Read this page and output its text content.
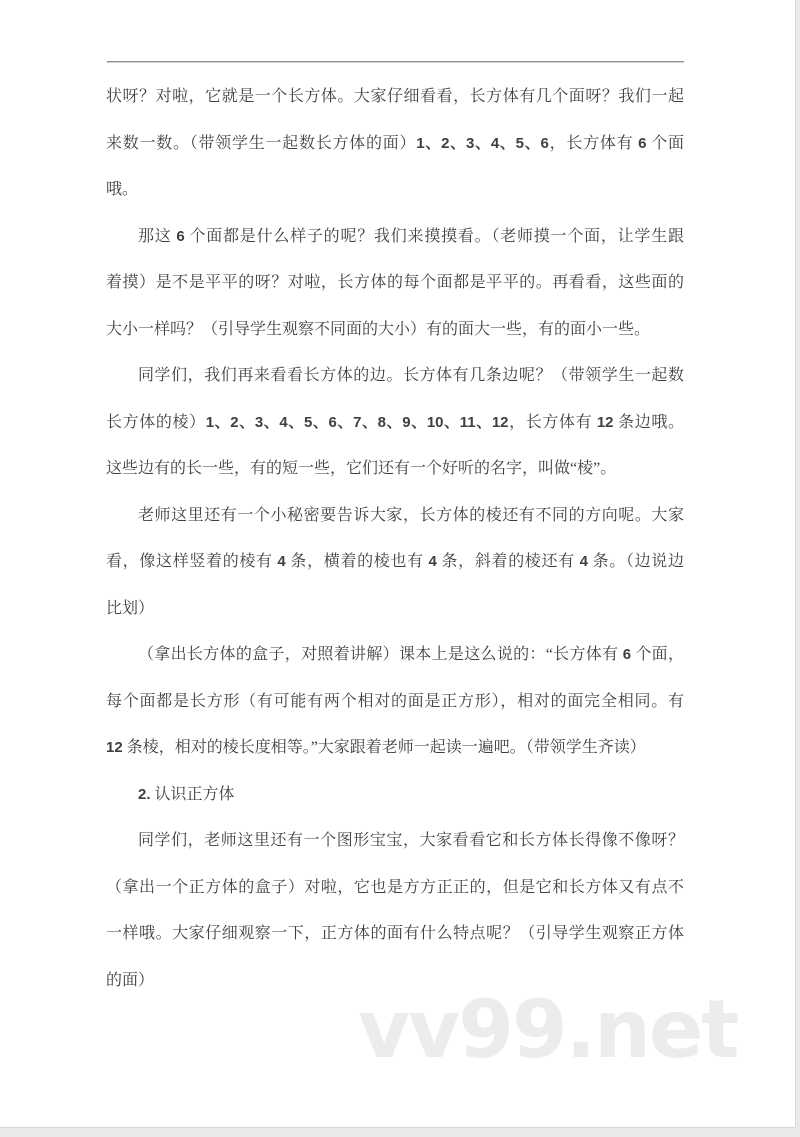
状呀？对啦，它就是一个长方体。大家仔细看看，长方体有几个面呀？我们一起
来数一数。（带领学生一起数长方体的面）1、2、3、4、5、6，长方体有 6 个面
哦。
那这 6 个面都是什么样子的呢？我们来摸摸看。（老师摸一个面，让学生跟
着摸）是不是平平的呀？对啦，长方体的每个面都是平平的。再看看，这些面的
大小一样吗？（引导学生观察不同面的大小）有的面大一些，有的面小一些。
同学们，我们再来看看长方体的边。长方体有几条边呢？（带领学生一起数
长方体的棱）1、2、3、4、5、6、7、8、9、10、11、12，长方体有 12 条边哦。
这些边有的长一些，有的短一些，它们还有一个好听的名字，叫做“棱”。
老师这里还有一个小秘密要告诉大家，长方体的棱还有不同的方向呢。大家
看，像这样竖着的棱有 4 条，横着的棱也有 4 条，斜着的棱还有 4 条。（边说边
比划）
（拿出长方体的盒子，对照着讲解）课本上是这么说的：“长方体有 6 个面，
每个面都是长方形（有可能有两个相对的面是正方形），相对的面完全相同。有
12 条棱，相对的棱长度相等。”大家跟着老师一起读一遍吧。（带领学生齐读）
2. 认识正方体
同学们，老师这里还有一个图形宝宝，大家看看它和长方体长得像不像呀？
（拿出一个正方体的盒子）对啦，它也是方方正正的，但是它和长方体又有点不
一样哦。大家仔细观察一下，正方体的面有什么特点呢？（引导学生观察正方体
的面）
vv99.net
